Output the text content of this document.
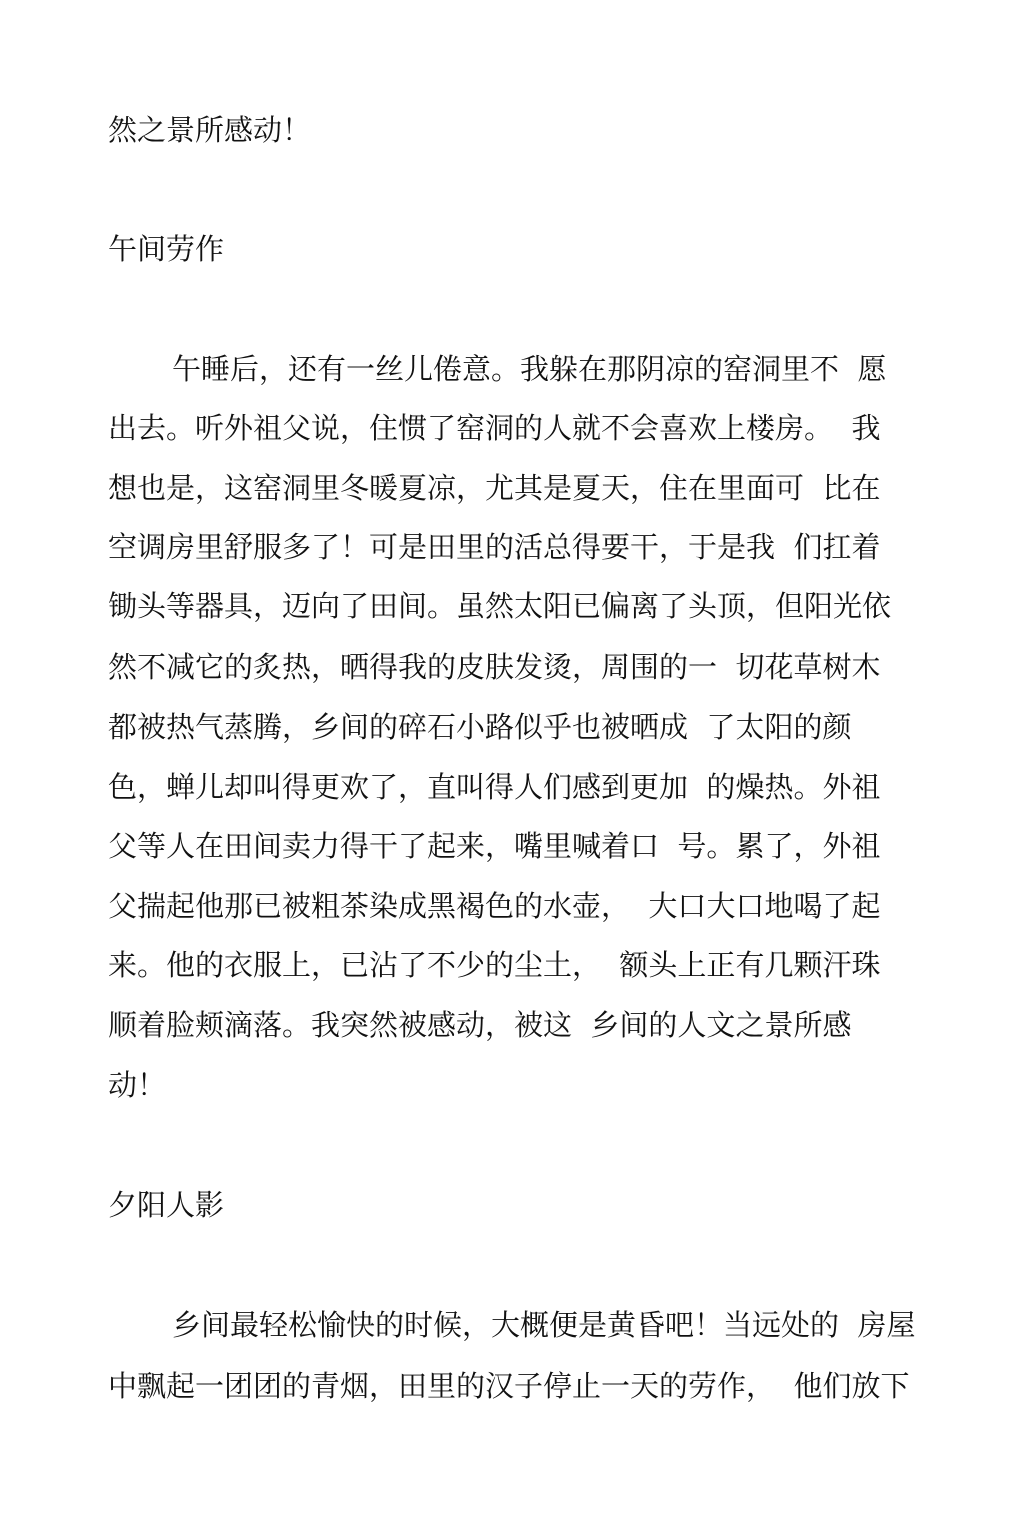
然之景所感动！
午间劳作
午睡后，还有一丝儿倦意。我躲在那阴凉的窑洞里不  愿
出去。听外祖父说，住惯了窑洞的人就不会喜欢上楼房。  我
想也是，这窑洞里冬暖夏凉，尤其是夏天，住在里面可  比在
空调房里舒服多了！可是田里的活总得要干，于是我  们扛着
锄头等器具，迈向了田间。虽然太阳已偏离了头顶，但阳光依
然不减它的炙热，晒得我的皮肤发烫，周围的一  切花草树木
都被热气蒸腾，乡间的碎石小路似乎也被晒成  了太阳的颜
色，蝉儿却叫得更欢了，直叫得人们感到更加  的燥热。外祖
父等人在田间卖力得干了起来，嘴里喊着口  号。累了，外祖
父揣起他那已被粗茶染成黑褐色的水壶，  大口大口地喝了起
来。他的衣服上，已沾了不少的尘土，  额头上正有几颗汗珠
顺着脸颊滴落。我突然被感动，被这  乡间的人文之景所感
动！
夕阳人影
乡间最轻松愉快的时候，大概便是黄昏吧！当远处的  房屋
中飘起一团团的青烟，田里的汉子停止一天的劳作，  他们放下
